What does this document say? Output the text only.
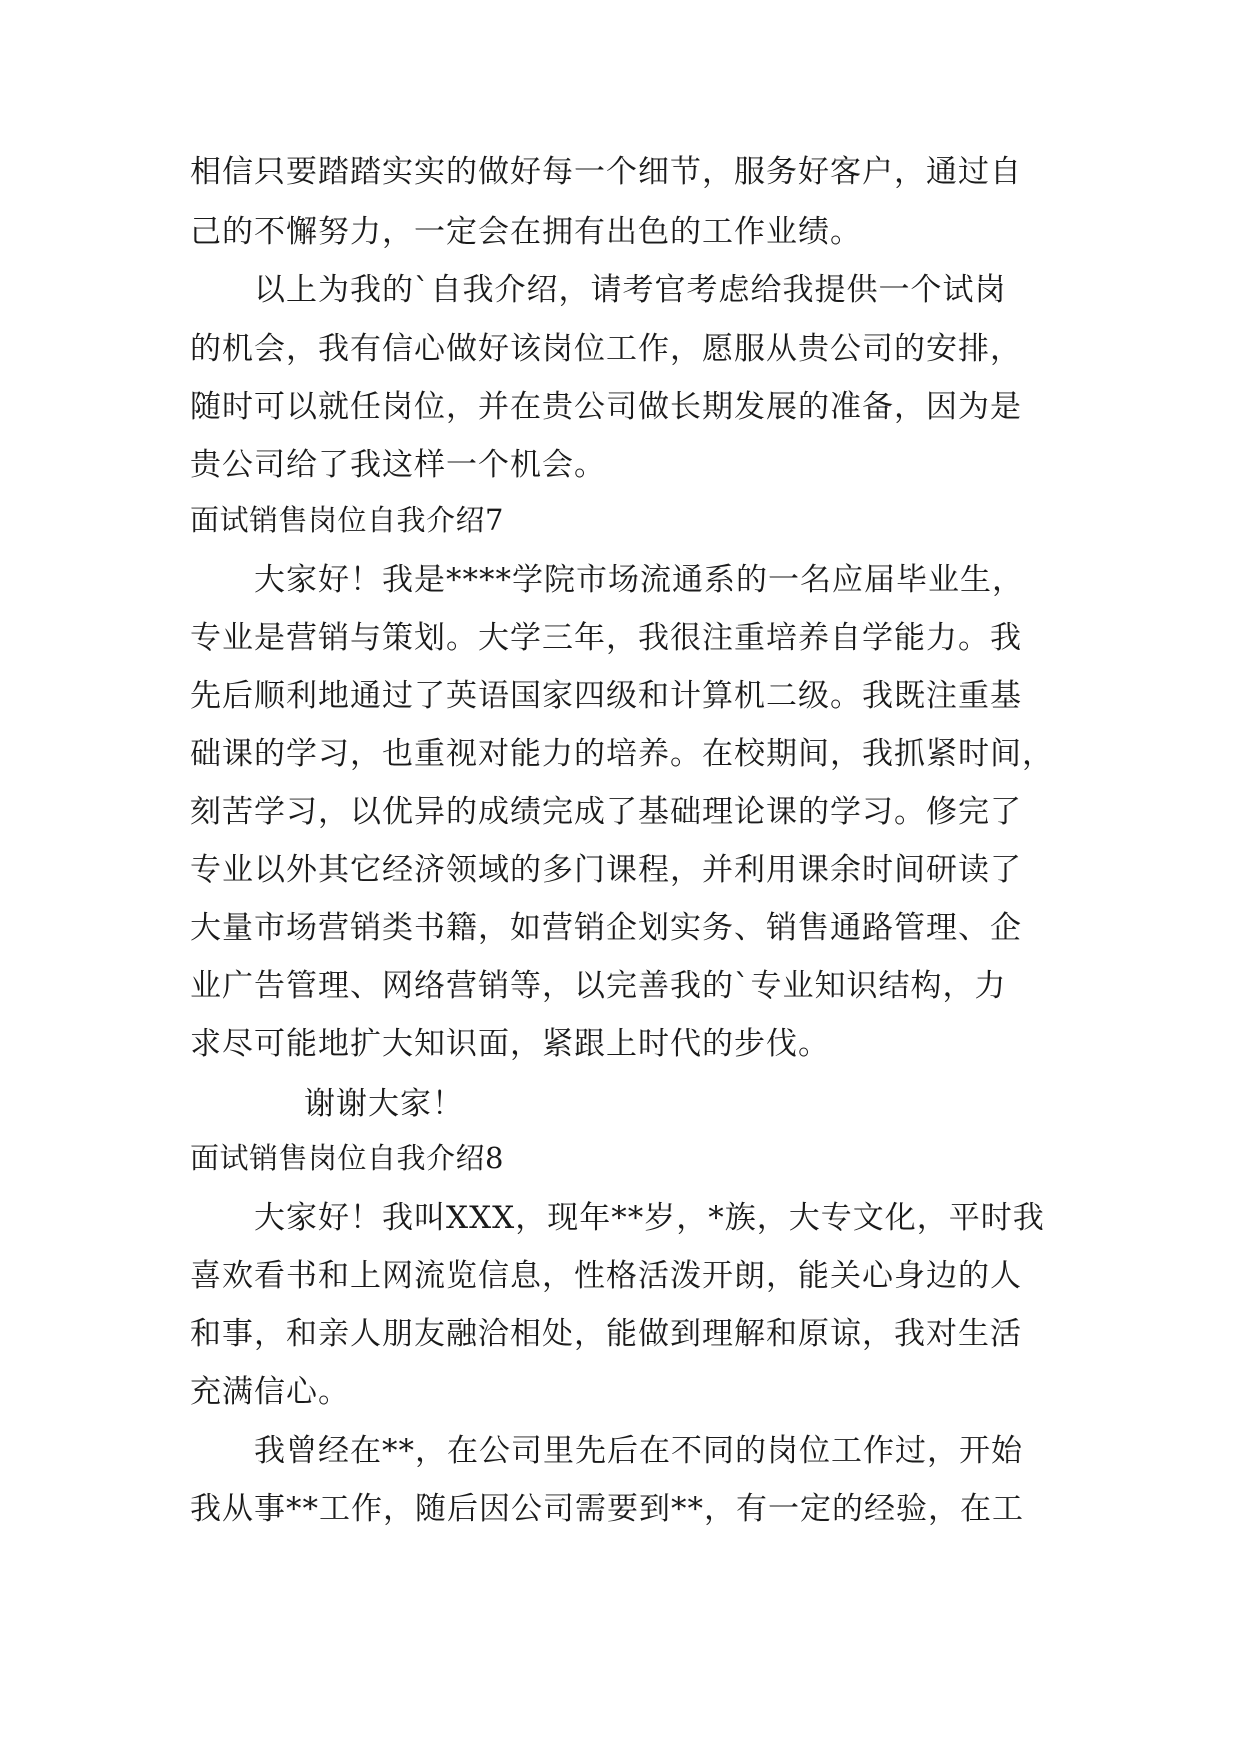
相信只要踏踏实实的做好每一个细节，服务好客户，通过自

己的不懈努力，一定会在拥有出色的工作业绩。

以上为我的`自我介绍，请考官考虑给我提供一个试岗

的机会，我有信心做好该岗位工作，愿服从贵公司的安排，

随时可以就任岗位，并在贵公司做长期发展的准备，因为是

贵公司给了我这样一个机会。

面试销售岗位自我介绍7

大家好！我是****学院市场流通系的一名应届毕业生，

专业是营销与策划。大学三年，我很注重培养自学能力。我

先后顺利地通过了英语国家四级和计算机二级。我既注重基

础课的学习，也重视对能力的培养。在校期间，我抓紧时间，

刻苦学习，以优异的成绩完成了基础理论课的学习。修完了

专业以外其它经济领域的多门课程，并利用课余时间研读了

大量市场营销类书籍，如营销企划实务、销售通路管理、企

业广告管理、网络营销等，以完善我的`专业知识结构，力

求尽可能地扩大知识面，紧跟上时代的步伐。

谢谢大家！

面试销售岗位自我介绍8

大家好！我叫XXX，现年**岁，*族，大专文化，平时我

喜欢看书和上网流览信息，性格活泼开朗，能关心身边的人

和事，和亲人朋友融洽相处，能做到理解和原谅，我对生活

充满信心。

我曾经在**，在公司里先后在不同的岗位工作过，开始

我从事**工作，随后因公司需要到**，有一定的经验，在工
